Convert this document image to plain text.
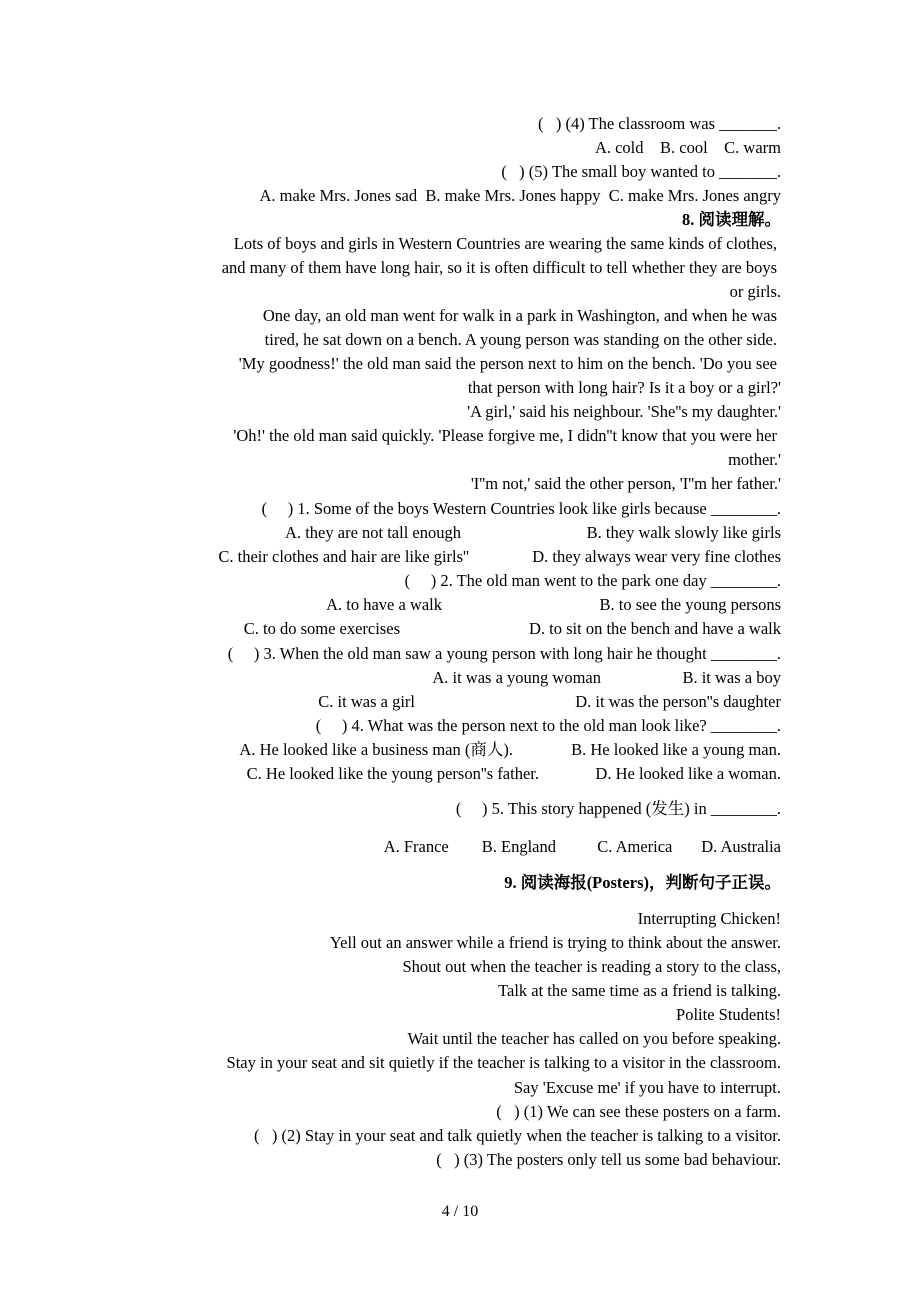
(   ) (4) The classroom was _______.
A. cold    B. cool    C. warm
(   ) (5) The small boy wanted to _______.
A. make Mrs. Jones sad  B. make Mrs. Jones happy  C. make Mrs. Jones angry
8. 阅读理解。
Lots of boys and girls in Western Countries are wearing the same kinds of clothes,
and many of them have long hair, so it is often difficult to tell whether they are boys
or girls.
One day, an old man went for walk in a park in Washington, and when he was
tired, he sat down on a bench. A young person was standing on the other side.
'My goodness!' the old man said the person next to him on the bench. 'Do you see
that person with long hair? Is it a boy or a girl?'
'A girl,' said his neighbour. 'She''s my daughter.'
'Oh!' the old man said quickly. 'Please forgive me, I didn''t know that you were her
mother.'
'I''m not,' said the other person, 'I''m her father.'
(     ) 1. Some of the boys Western Countries look like girls because ________.
A. they are not tall enough	B. they walk slowly like girls
C. their clothes and hair are like girls''	D. they always wear very fine clothes
(     ) 2. The old man went to the park one day ________.
A. to have a walk	B. to see the young persons
C. to do some exercises	D. to sit on the bench and have a walk
(     ) 3. When the old man saw a young person with long hair he thought ________.
A. it was a young woman	B. it was a boy
C. it was a girl	D. it was the person''s daughter
(     ) 4. What was the person next to the old man look like? ________.
A. He looked like a business man (商人).	B. He looked like a young man.
C. He looked like the young person''s father.	D. He looked like a woman.
(     ) 5. This story happened (发生) in ________.
A. France        B. England          C. America       D. Australia
9. 阅读海报(Posters)，判断句子正误。
Interrupting Chicken!
Yell out an answer while a friend is trying to think about the answer.
Shout out when the teacher is reading a story to the class,
Talk at the same time as a friend is talking.
Polite Students!
Wait until the teacher has called on you before speaking.
Stay in your seat and sit quietly if the teacher is talking to a visitor in the classroom.
Say 'Excuse me' if you have to interrupt.
(   ) (1) We can see these posters on a farm.
(   ) (2) Stay in your seat and talk quietly when the teacher is talking to a visitor.
(   ) (3) The posters only tell us some bad behaviour.
4 / 10
